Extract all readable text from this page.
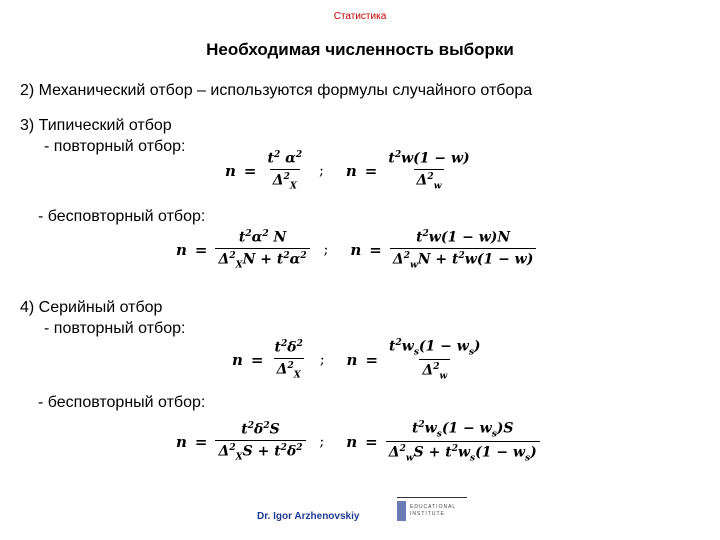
Статистика
Необходимая численность выборки
2) Механический отбор – используются формулы случайного отбора
3) Типический отбор
- повторный отбор:
$n = \frac{t^2 \alpha^2}{\Delta^2_X}$ ; $n = \frac{t^2w(1 - w)}{\Delta^2_w}$
- бесповторный отбор:
$n = \frac{t^2\alpha^2 N}{\Delta^2_XN + t^2\alpha^2}$ ; $n = \frac{t^2w(1 - w)N}{\Delta^2_wN + t^2w(1 - w)}$
4) Серийный отбор
- повторный отбор:
$n = \frac{t^2\delta^2}{\Delta^2_X}$ ; $n = \frac{t^2w_s(1 - w_s)}{\Delta^2_w}$
- бесповторный отбор:
$n = \frac{t^2\delta^2S}{\Delta^2_XS + t^2\delta^2}$ ; $n = \frac{t^2w_s(1 - w_s)S}{\Delta^2_wS + t^2w_s(1 - w_s)}$
Dr. Igor Arzhenovskiy
EDUCATIONAL INSTITUTE
